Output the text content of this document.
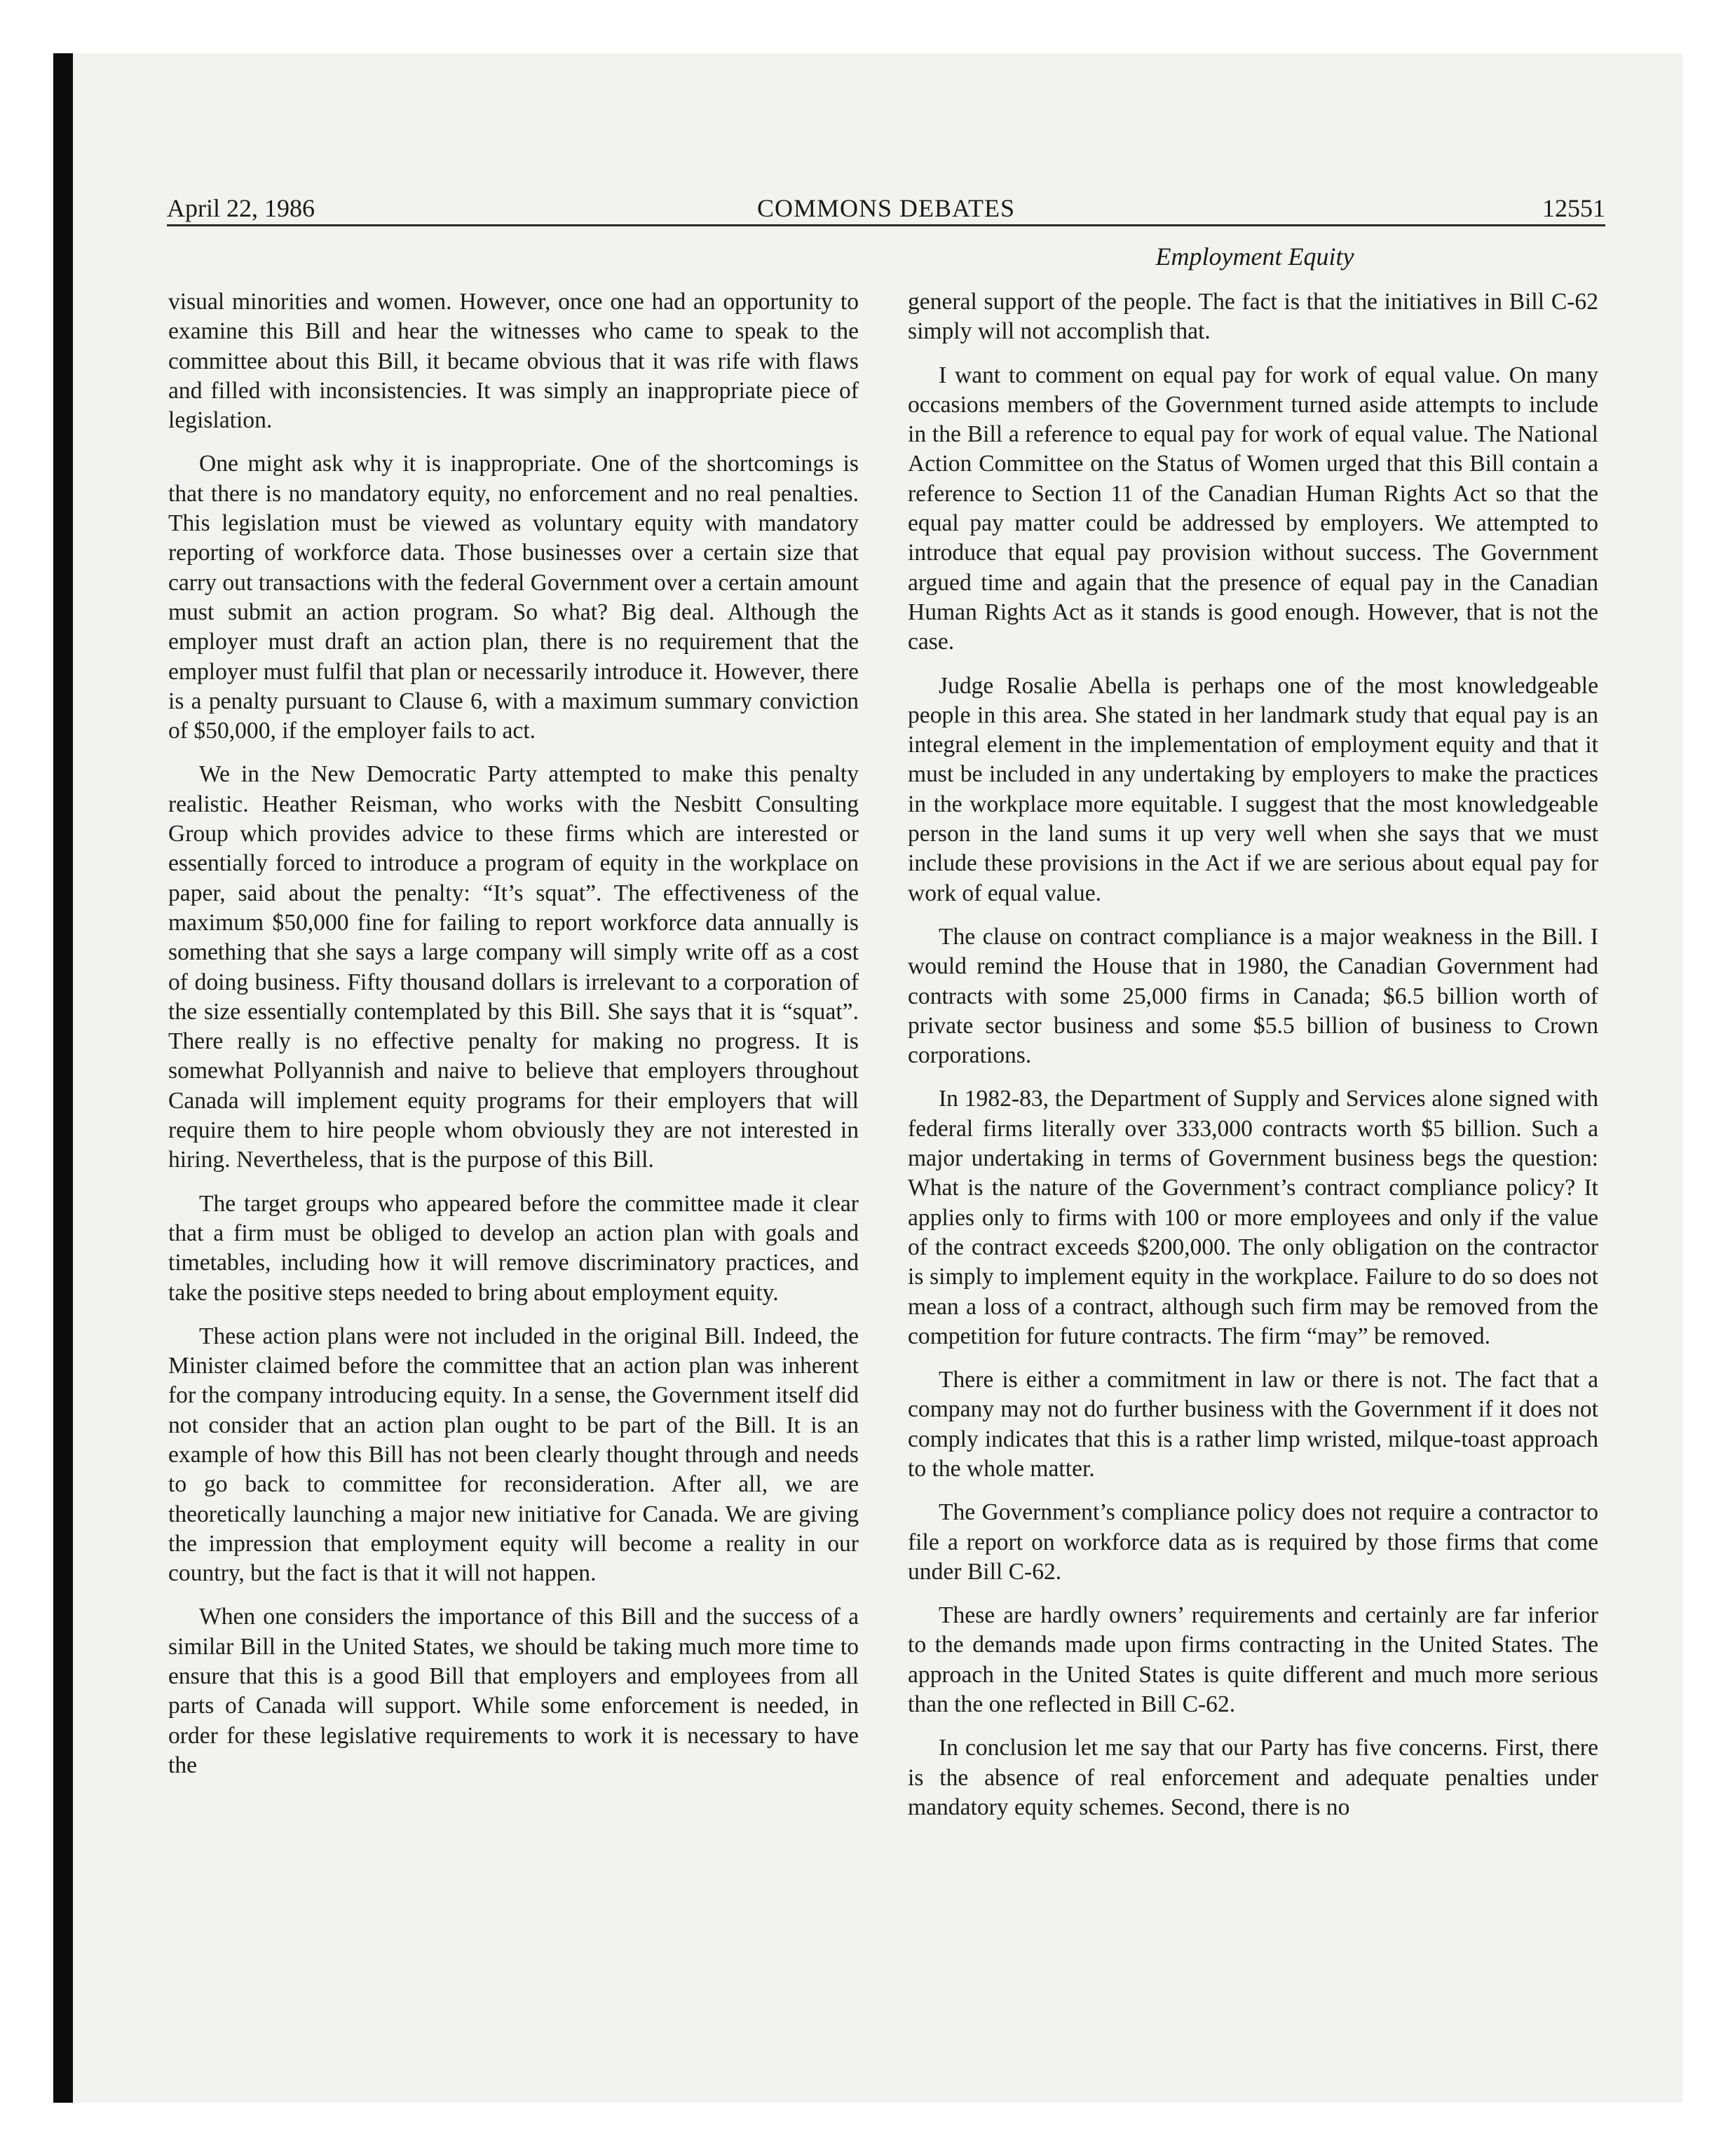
April 22, 1986	COMMONS DEBATES	12551
Employment Equity

visual minorities and women. However, once one had an opportunity to examine this Bill and hear the witnesses who came to speak to the committee about this Bill, it became obvious that it was rife with flaws and filled with inconsistencies. It was simply an inappropriate piece of legislation.

One might ask why it is inappropriate. One of the shortcomings is that there is no mandatory equity, no enforcement and no real penalties. This legislation must be viewed as voluntary equity with mandatory reporting of workforce data. Those businesses over a certain size that carry out transactions with the federal Government over a certain amount must submit an action program. So what? Big deal. Although the employer must draft an action plan, there is no requirement that the employer must fulfil that plan or necessarily introduce it. However, there is a penalty pursuant to Clause 6, with a maximum summary conviction of $50,000, if the employer fails to act.

We in the New Democratic Party attempted to make this penalty realistic. Heather Reisman, who works with the Nesbitt Consulting Group which provides advice to these firms which are interested or essentially forced to introduce a program of equity in the workplace on paper, said about the penalty: “It’s squat”. The effectiveness of the maximum $50,000 fine for failing to report workforce data annually is something that she says a large company will simply write off as a cost of doing business. Fifty thousand dollars is irrelevant to a corporation of the size essentially contemplated by this Bill. She says that it is “squat”. There really is no effective penalty for making no progress. It is somewhat Pollyannish and naive to believe that employers throughout Canada will implement equity programs for their employers that will require them to hire people whom obviously they are not interested in hiring. Nevertheless, that is the purpose of this Bill.

The target groups who appeared before the committee made it clear that a firm must be obliged to develop an action plan with goals and timetables, including how it will remove discriminatory practices, and take the positive steps needed to bring about employment equity.

These action plans were not included in the original Bill. Indeed, the Minister claimed before the committee that an action plan was inherent for the company introducing equity. In a sense, the Government itself did not consider that an action plan ought to be part of the Bill. It is an example of how this Bill has not been clearly thought through and needs to go back to committee for reconsideration. After all, we are theoretically launching a major new initiative for Canada. We are giving the impression that employment equity will become a reality in our country, but the fact is that it will not happen.

When one considers the importance of this Bill and the success of a similar Bill in the United States, we should be taking much more time to ensure that this is a good Bill that employers and employees from all parts of Canada will support. While some enforcement is needed, in order for these legislative requirements to work it is necessary to have the

general support of the people. The fact is that the initiatives in Bill C-62 simply will not accomplish that.

I want to comment on equal pay for work of equal value. On many occasions members of the Government turned aside attempts to include in the Bill a reference to equal pay for work of equal value. The National Action Committee on the Status of Women urged that this Bill contain a reference to Section 11 of the Canadian Human Rights Act so that the equal pay matter could be addressed by employers. We attempted to introduce that equal pay provision without success. The Government argued time and again that the presence of equal pay in the Canadian Human Rights Act as it stands is good enough. However, that is not the case.

Judge Rosalie Abella is perhaps one of the most knowledgeable people in this area. She stated in her landmark study that equal pay is an integral element in the implementation of employment equity and that it must be included in any undertaking by employers to make the practices in the workplace more equitable. I suggest that the most knowledgeable person in the land sums it up very well when she says that we must include these provisions in the Act if we are serious about equal pay for work of equal value.

The clause on contract compliance is a major weakness in the Bill. I would remind the House that in 1980, the Canadian Government had contracts with some 25,000 firms in Canada; $6.5 billion worth of private sector business and some $5.5 billion of business to Crown corporations.

In 1982-83, the Department of Supply and Services alone signed with federal firms literally over 333,000 contracts worth $5 billion. Such a major undertaking in terms of Government business begs the question: What is the nature of the Government’s contract compliance policy? It applies only to firms with 100 or more employees and only if the value of the contract exceeds $200,000. The only obligation on the contractor is simply to implement equity in the workplace. Failure to do so does not mean a loss of a contract, although such firm may be removed from the competition for future contracts. The firm “may” be removed.

There is either a commitment in law or there is not. The fact that a company may not do further business with the Government if it does not comply indicates that this is a rather limp wristed, milque-toast approach to the whole matter.

The Government’s compliance policy does not require a contractor to file a report on workforce data as is required by those firms that come under Bill C-62.

These are hardly owners’ requirements and certainly are far inferior to the demands made upon firms contracting in the United States. The approach in the United States is quite different and much more serious than the one reflected in Bill C-62.

In conclusion let me say that our Party has five concerns. First, there is the absence of real enforcement and adequate penalties under mandatory equity schemes. Second, there is no
